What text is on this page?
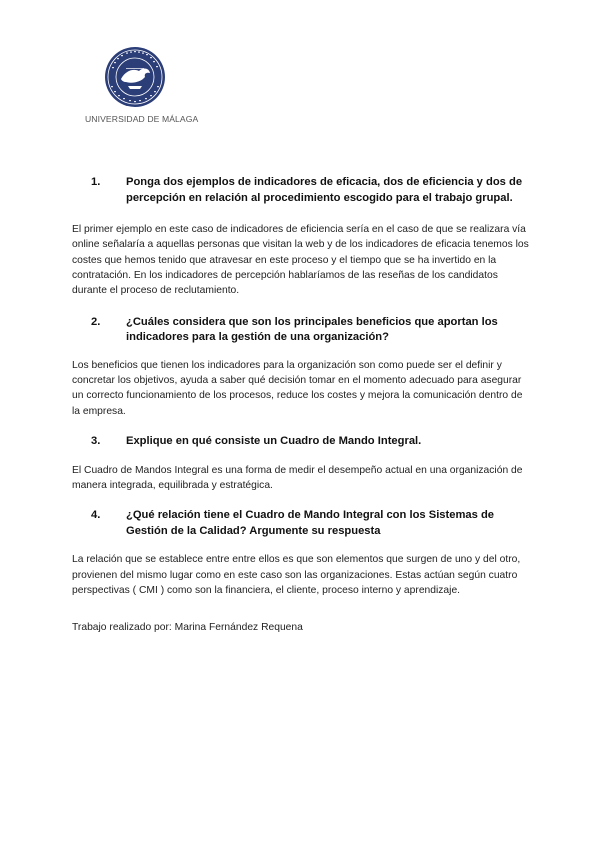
UNIVERSIDAD DE MÁLAGA
1.	Ponga dos ejemplos de indicadores de eficacia, dos de eficiencia y dos de percepción en relación al procedimiento escogido para el trabajo grupal.

El primer ejemplo en este caso de indicadores de eficiencia sería en el caso de que se realizara vía online señalaría a aquellas personas que visitan la web y de los indicadores de eficacia tenemos los costes que hemos tenido que atravesar en este proceso y el tiempo que se ha invertido en la contratación. En los indicadores de percepción hablaríamos de las reseñas de los candidatos durante el proceso de reclutamiento.

2.	¿Cuáles considera que son los principales beneficios que aportan los indicadores para la gestión de una organización?

Los beneficios que tienen los indicadores para la organización son como puede ser el definir y concretar los objetivos, ayuda a saber qué decisión tomar en el momento adecuado para asegurar un correcto funcionamiento de los procesos, reduce los costes y mejora la comunicación dentro de la empresa.

3.	Explique en qué consiste un Cuadro de Mando Integral.

El Cuadro de Mandos Integral es una forma de medir el desempeño actual en una organización de manera integrada, equilibrada y estratégica.

4.	¿Qué relación tiene el Cuadro de Mando Integral con los Sistemas de Gestión de la Calidad? Argumente su respuesta

La relación que se establece entre entre ellos es que son elementos que surgen de uno y del otro, provienen del mismo lugar como en este caso son las organizaciones. Estas actúan según cuatro perspectivas ( CMI ) como son la financiera, el cliente, proceso interno y aprendizaje.

Trabajo realizado por: Marina Fernández Requena
